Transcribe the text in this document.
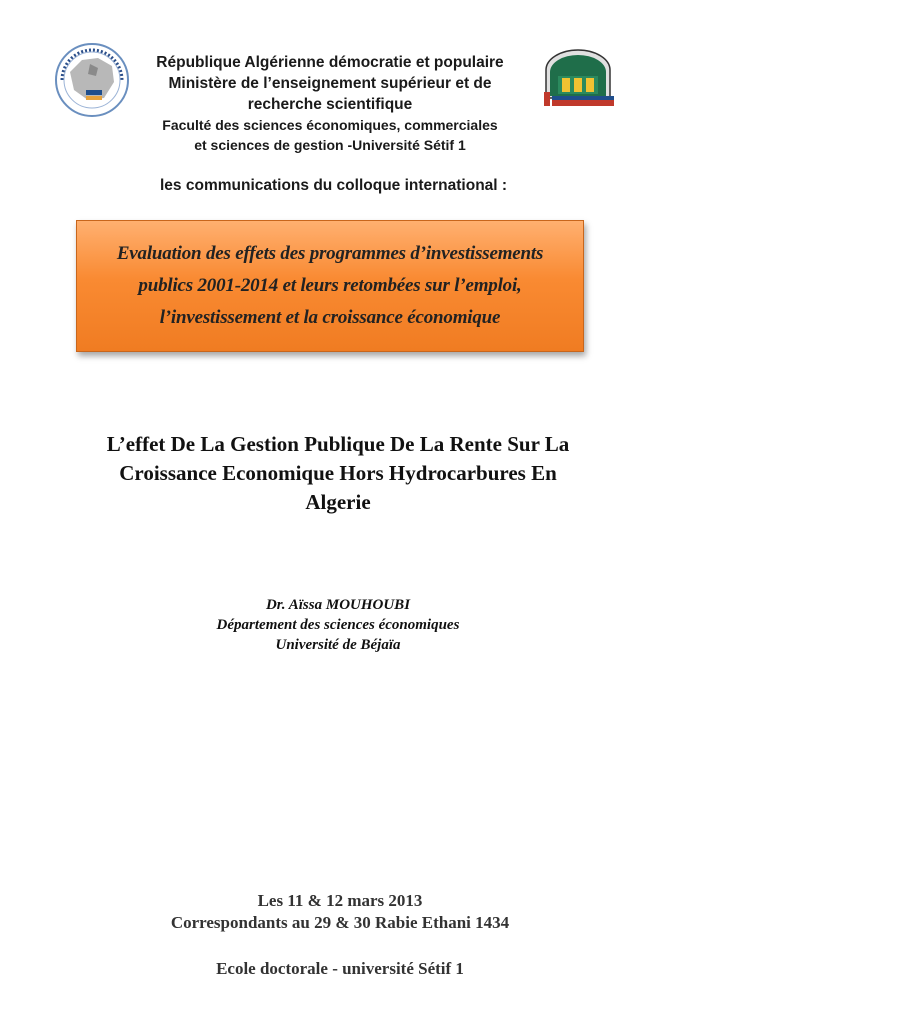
République Algérienne démocratie et populaire
Ministère de l’enseignement supérieur et de
recherche scientifique
Faculté des sciences économiques, commerciales
et sciences de gestion -Université Sétif 1
les communications du colloque international :
Evaluation des effets des programmes d’investissements
publics 2001-2014 et leurs retombées sur l’emploi,
l’investissement et la croissance économique
L’effet De La Gestion Publique De La Rente Sur La
Croissance Economique Hors Hydrocarbures En
Algerie
Dr. Aïssa MOUHOUBI
Département des sciences économiques
Université de Béjaïa
Les 11 & 12 mars 2013
Correspondants au 29 & 30 Rabie Ethani 1434
Ecole doctorale - université Sétif 1
